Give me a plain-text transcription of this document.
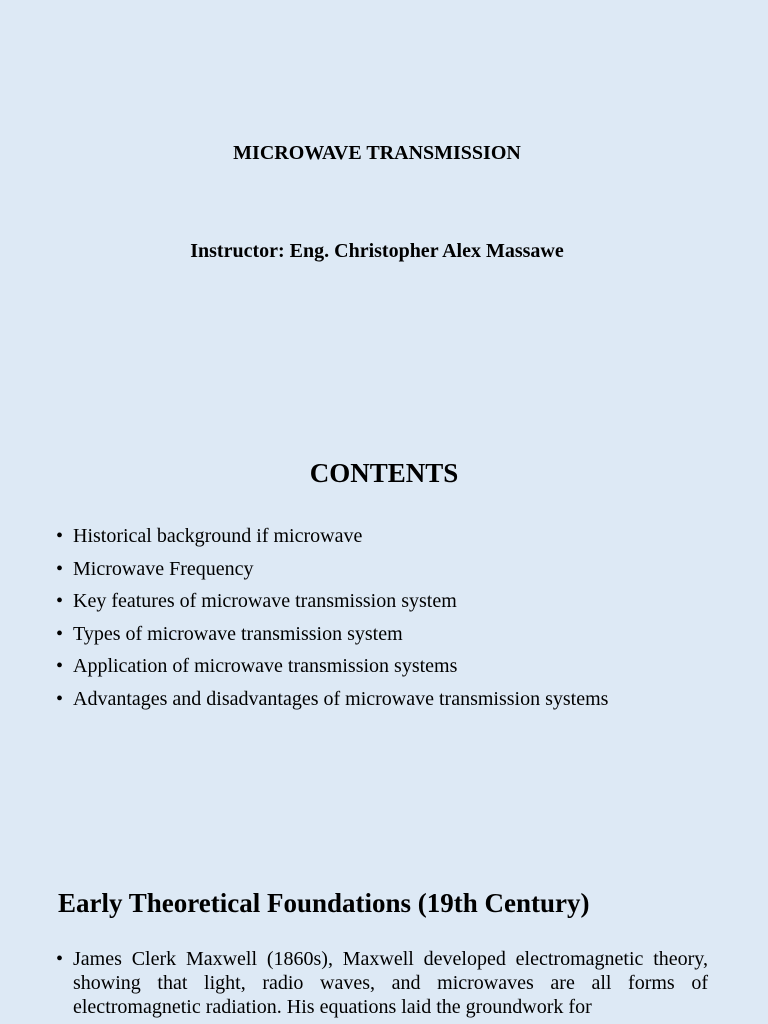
MICROWAVE TRANSMISSION
Instructor: Eng. Christopher Alex Massawe
CONTENTS
• Historical background if microwave
• Microwave Frequency
• Key features of microwave transmission system
• Types of microwave transmission system
• Application of microwave transmission systems
• Advantages and disadvantages of microwave transmission systems
Early Theoretical Foundations (19th Century)
• James Clerk Maxwell (1860s), Maxwell developed electromagnetic theory, showing that light, radio waves, and microwaves are all forms of electromagnetic radiation. His equations laid the groundwork for
